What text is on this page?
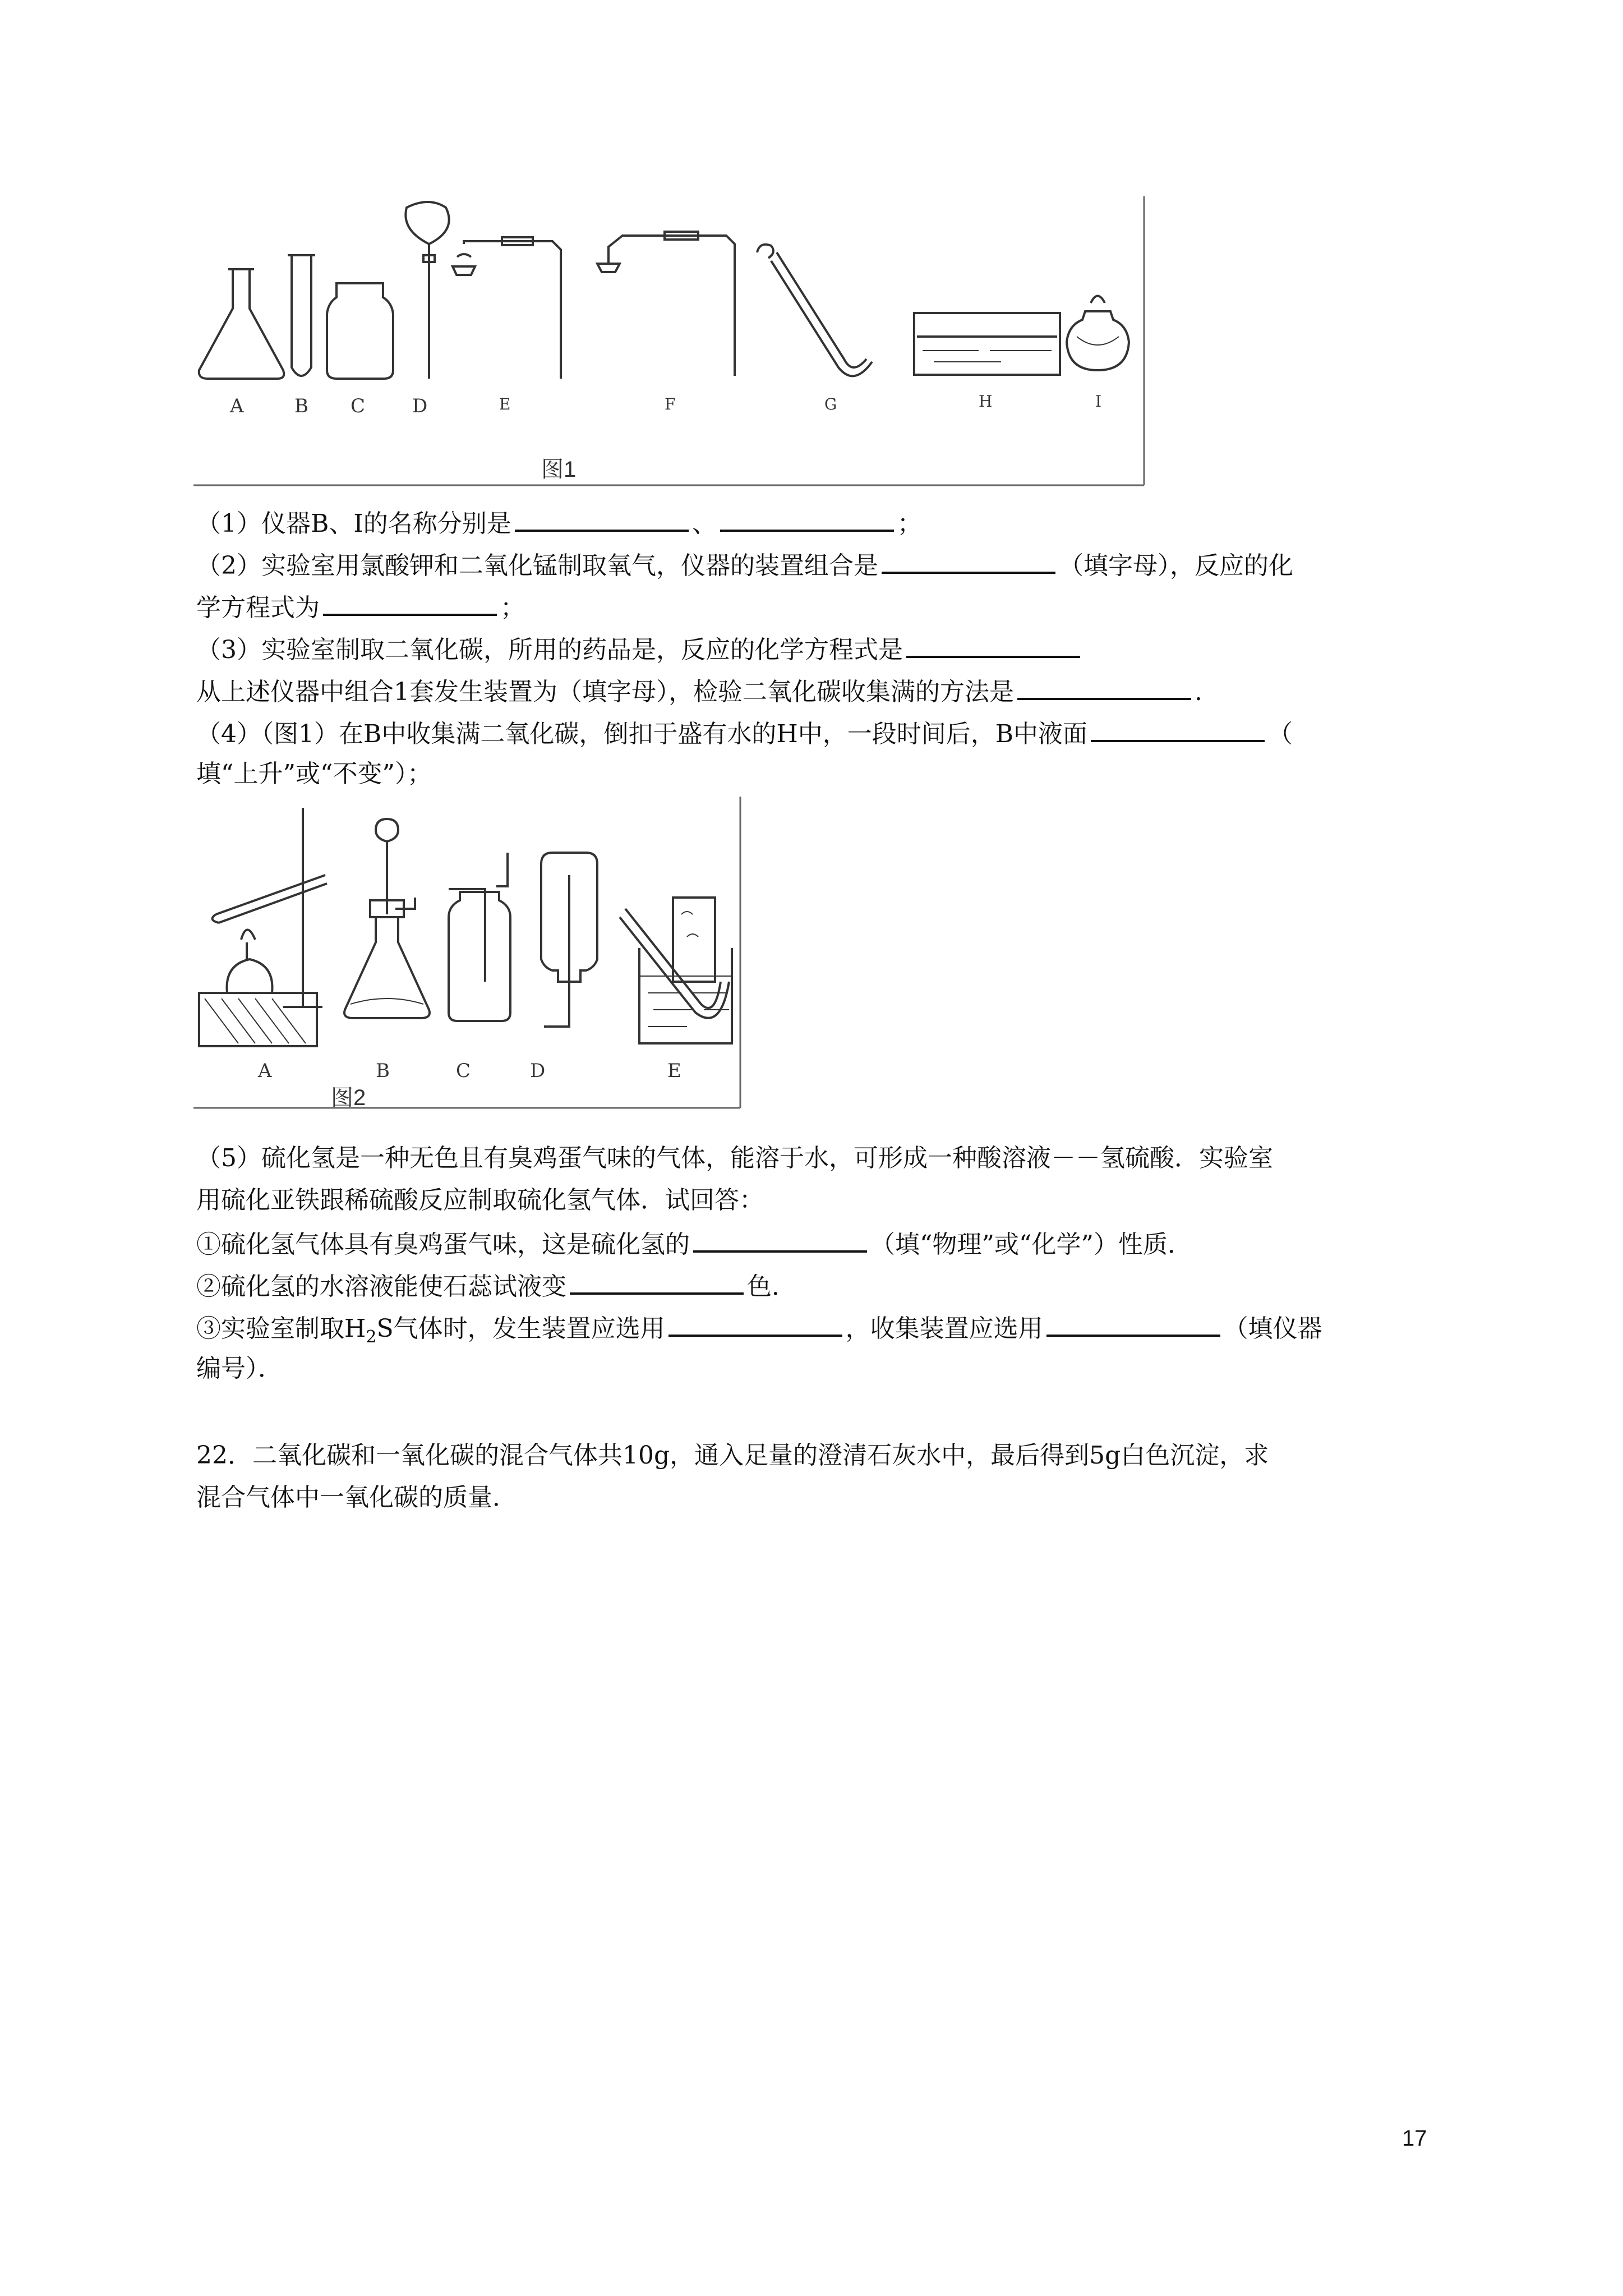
A	B C D	E	F	G	H	I
图1
（1）仪器B、I的名称分别是	、	；
（2）实验室用氯酸钾和二氧化锰制取氧气，仪器的装置组合是	（填字母），反应的化
学方程式为	；
（3）实验室制取二氧化碳，所用的药品是，反应的化学方程式是
从上述仪器中组合1套发生装置为（填字母），检验二氧化碳收集满的方法是	.
（4）（图1）在B中收集满二氧化碳，倒扣于盛有水的H中，一段时间后，B中液面	（
填“上升”或“不变”）；
A	B	C	D	E
图2
（5）硫化氢是一种无色且有臭鸡蛋气味的气体，能溶于水，可形成一种酸溶液－－氢硫酸．实验室
用硫化亚铁跟稀硫酸反应制取硫化氢气体．试回答：
①硫化氢气体具有臭鸡蛋气味，这是硫化氢的	（填“物理”或“化学”）性质．
②硫化氢的水溶液能使石蕊试液变	色．
③实验室制取$H_2S$气体时，发生装置应选用	，收集装置应选用	（填仪器
编号）．
22．二氧化碳和一氧化碳的混合气体共10g，通入足量的澄清石灰水中，最后得到5g白色沉淀，求
混合气体中一氧化碳的质量．
17
